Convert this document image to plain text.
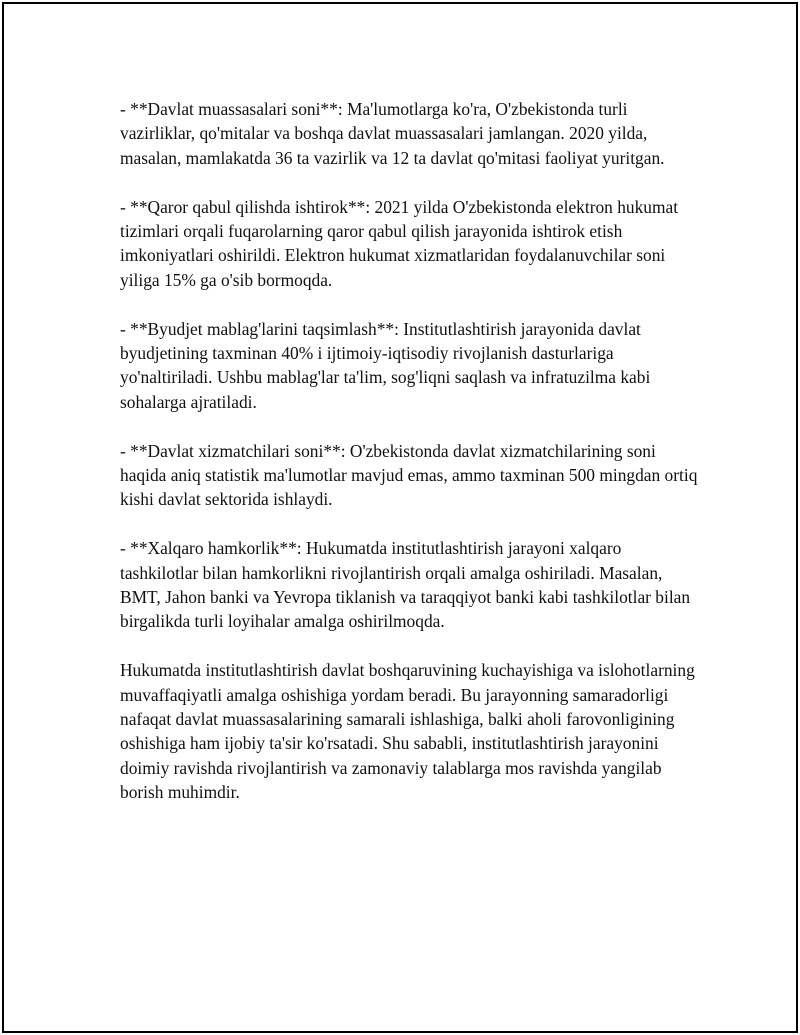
- **Davlat muassasalari soni**: Ma'lumotlarga ko'ra, O'zbekistonda turli vazirliklar, qo'mitalar va boshqa davlat muassasalari jamlangan. 2020 yilda, masalan, mamlakatda 36 ta vazirlik va 12 ta davlat qo'mitasi faoliyat yuritgan.

- **Qaror qabul qilishda ishtirok**: 2021 yilda O'zbekistonda elektron hukumat tizimlari orqali fuqarolarning qaror qabul qilish jarayonida ishtirok etish imkoniyatlari oshirildi. Elektron hukumat xizmatlaridan foydalanuvchilar soni yiliga 15% ga o'sib bormoqda.

- **Byudjet mablag'larini taqsimlash**: Institutlashtirish jarayonida davlat byudjetining taxminan 40% i ijtimoiy-iqtisodiy rivojlanish dasturlariga yo'naltiriladi. Ushbu mablag'lar ta'lim, sog'liqni saqlash va infratuzilma kabi sohalarga ajratiladi.

- **Davlat xizmatchilari soni**: O'zbekistonda davlat xizmatchilarining soni haqida aniq statistik ma'lumotlar mavjud emas, ammo taxminan 500 mingdan ortiq kishi davlat sektorida ishlaydi.

- **Xalqaro hamkorlik**: Hukumatda institutlashtirish jarayoni xalqaro tashkilotlar bilan hamkorlikni rivojlantirish orqali amalga oshiriladi. Masalan, BMT, Jahon banki va Yevropa tiklanish va taraqqiyot banki kabi tashkilotlar bilan birgalikda turli loyihalar amalga oshirilmoqda.

Hukumatda institutlashtirish davlat boshqaruvining kuchayishiga va islohotlarning muvaffaqiyatli amalga oshishiga yordam beradi. Bu jarayonning samaradorligi nafaqat davlat muassasalarining samarali ishlashiga, balki aholi farovonligining oshishiga ham ijobiy ta'sir ko'rsatadi. Shu sababli, institutlashtirish jarayonini doimiy ravishda rivojlantirish va zamonaviy talablarga mos ravishda yangilab borish muhimdir.
